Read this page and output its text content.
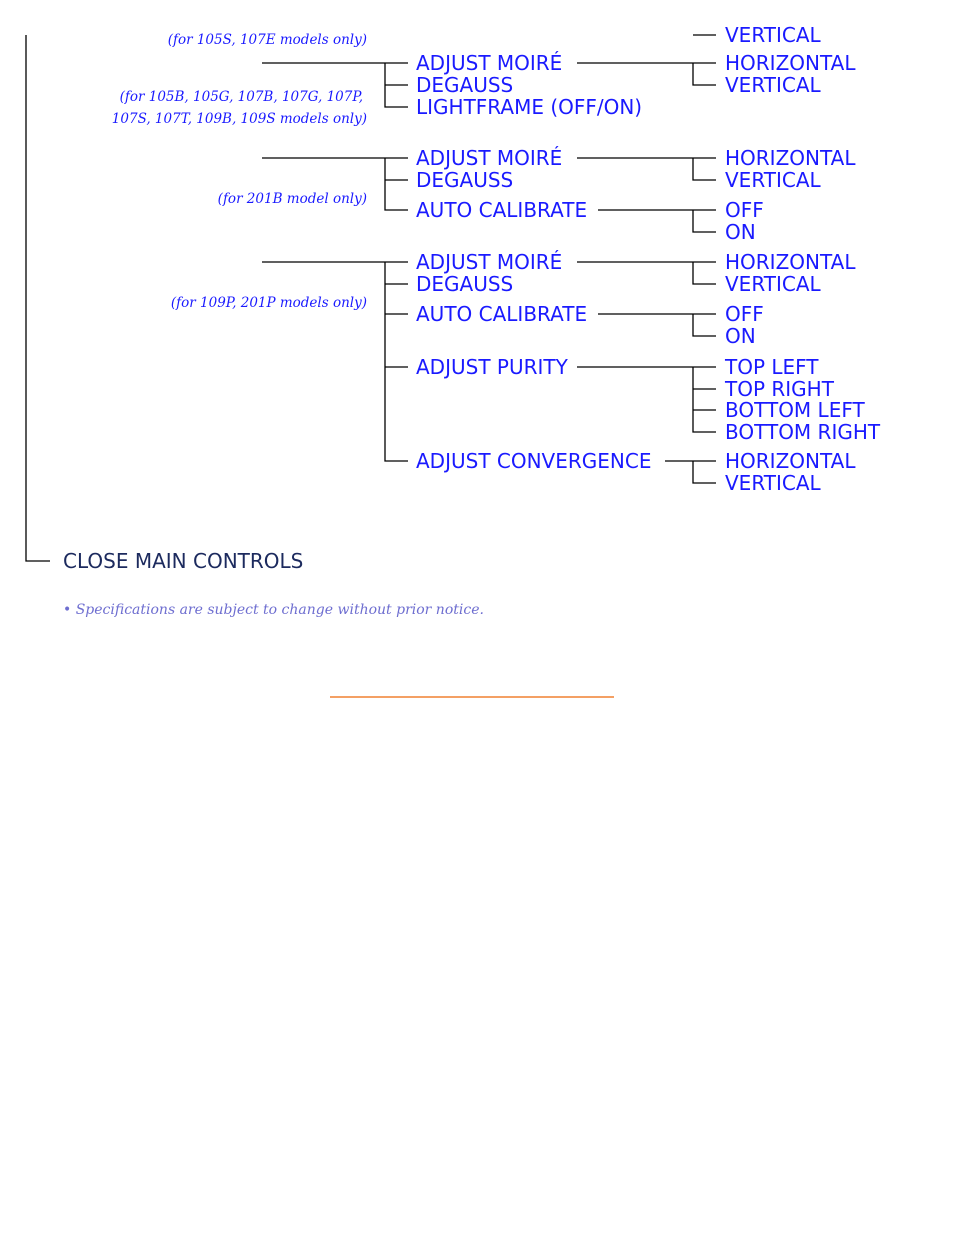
(for 105S, 107E models only)	VERTICAL
(for 105B, 105G, 107B, 107G, 107P,
107S, 107T, 109B, 109S models only)
ADJUST MOIRÉ
DEGAUSS
LIGHTFRAME (OFF/ON)
HORIZONTAL
VERTICAL
(for 201B model only)
ADJUST MOIRÉ
DEGAUSS
AUTO CALIBRATE
HORIZONTAL
VERTICAL
OFF
ON
(for 109P, 201P models only)
ADJUST MOIRÉ
DEGAUSS
AUTO CALIBRATE
ADJUST PURITY
ADJUST CONVERGENCE
HORIZONTAL
VERTICAL
OFF
ON
TOP LEFT
TOP RIGHT
BOTTOM LEFT
BOTTOM RIGHT
HORIZONTAL
VERTICAL
CLOSE MAIN CONTROLS
• Specifications are subject to change without prior notice.
